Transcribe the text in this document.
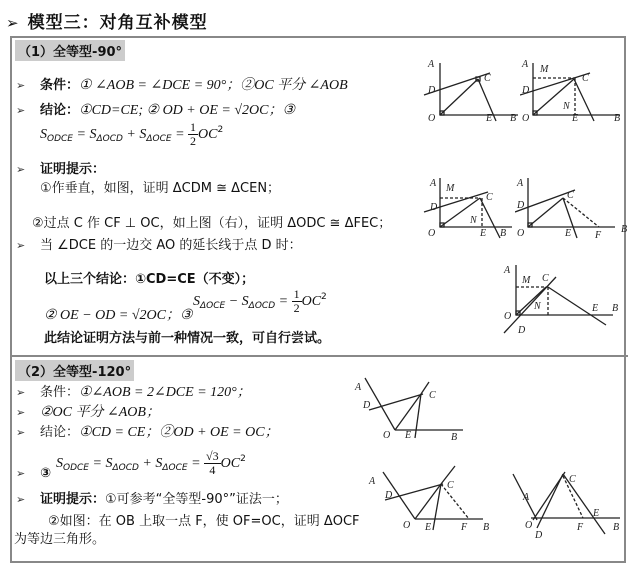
➢ 模型三：对角互补模型
（1）全等型-90°
➢ 条件：① ∠AOB = ∠DCE = 90°；②OC 平分 ∠AOB
➢ 结论：①CD=CE; ② OD + OE = √2OC；③
$S_{ODCE} = S_{\Delta OCD} + S_{\Delta OCE} = \frac{1}{2} OC^2$
➢ 证明提示：
①作垂直，如图，证明 ΔCDM ≅ ΔCEN；
②过点 C 作 CF ⊥ OC，如上图（右），证明 ΔODC ≅ ΔFEC；
➢ 当 ∠DCE 的一边交 AO 的延长线于点 D 时：
以上三个结论：①CD=CE（不变）；
② OE − OD = √2OC；③
$S_{\Delta OCE} - S_{\Delta OCD} = \frac{1}{2} OC^2$
此结论证明方法与前一种情况一致，可自行尝试。
A
D
C
O	E B
A M
D
C
N
O	E	B
A M
D
C
N
O	E B
A
D
C
O	E F
B
A
M C
N
O
D
E B
（2）全等型-120°
➢ 条件：①∠AOB = 2∠DCE = 120°；
➢ ②OC 平分 ∠AOB；
➢ 结论：①CD = CE；②OD + OE = OC；
➢ ③
$S_{ODCE} = S_{\Delta OCD} + S_{\Delta OCE} = \frac{√3}{4} OC^2$
➢ 证明提示：①可参考“全等型-90°”证法一；
②如图：在 OB 上取一点 F，使 OF=OC，证明 ΔOCF
为等边三角形。
A
D
C
O E	B
A
D
C
O E	F B
A
C
O
D
F
E
B
